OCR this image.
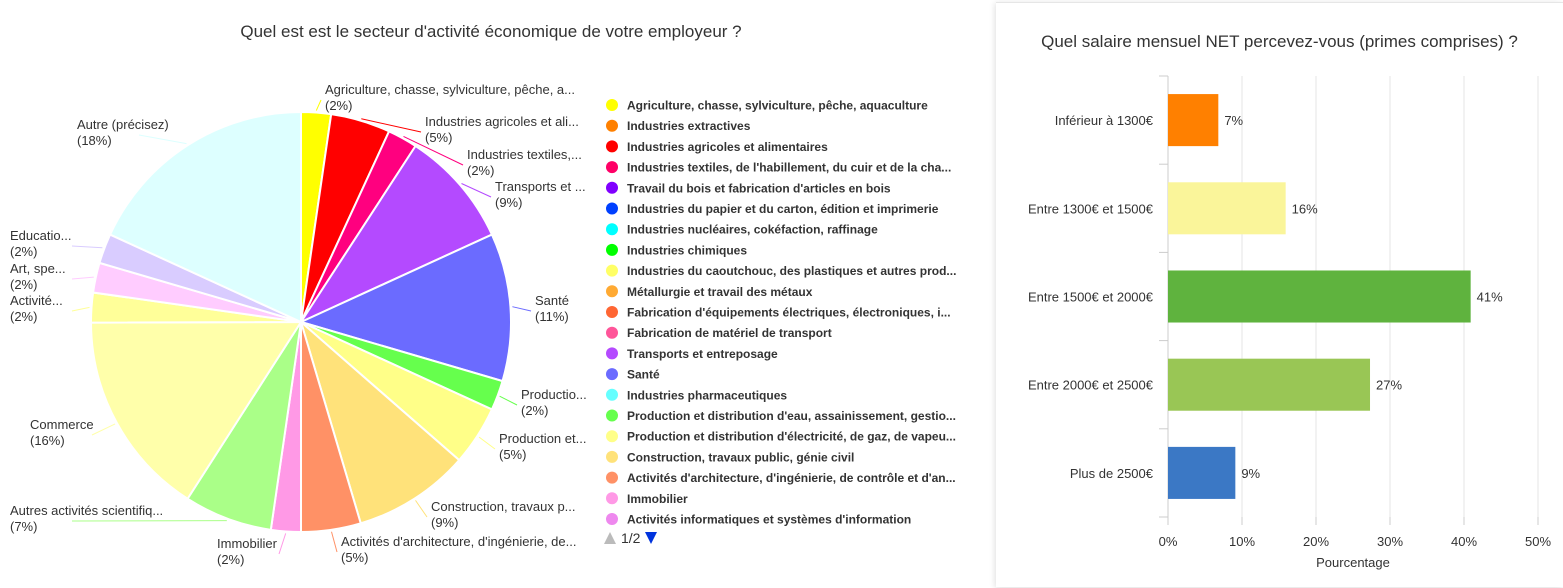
Quel est est le secteur d'activité économique de votre employeur ?
Agriculture, chasse, sylviculture, pêche, a... (2%)
Industries agricoles et ali... (5%)
Industries textiles,... (2%)
Transports et ... (9%)
Santé (11%)
Productio... (2%)
Production et... (5%)
Construction, travaux p... (9%)
Activités d'architecture, d'ingénierie, de... (5%)
Immobilier (2%)
Autres activités scientifiq... (7%)
Commerce (16%)
Activité... (2%)
Art, spe... (2%)
Educatio... (2%)
Autre (précisez) (18%)
Agriculture, chasse, sylviculture, pêche, aquaculture
Industries extractives
Industries agricoles et alimentaires
Industries textiles, de l'habillement, du cuir et de la cha...
Travail du bois et fabrication d'articles en bois
Industries du papier et du carton, édition et imprimerie
Industries nucléaires, cokéfaction, raffinage
Industries chimiques
Industries du caoutchouc, des plastiques et autres prod...
Métallurgie et travail des métaux
Fabrication d'équipements électriques, électroniques, i...
Fabrication de matériel de transport
Transports et entreposage
Santé
Industries pharmaceutiques
Production et distribution d'eau, assainissement, gestio...
Production et distribution d'électricité, de gaz, de vapeu...
Construction, travaux public, génie civil
Activités d'architecture, d'ingénierie, de contrôle et d'an...
Immobilier
Activités informatiques et systèmes d'information
1/2
Quel salaire mensuel NET percevez-vous (primes comprises) ?
0%	10%	20%	30%	40%	50%
Inférieur à 1300€	7%
Entre 1300€ et 1500€	16%
Entre 1500€ et 2000€	41%
Entre 2000€ et 2500€	27%
Plus de 2500€	9%
Pourcentage
